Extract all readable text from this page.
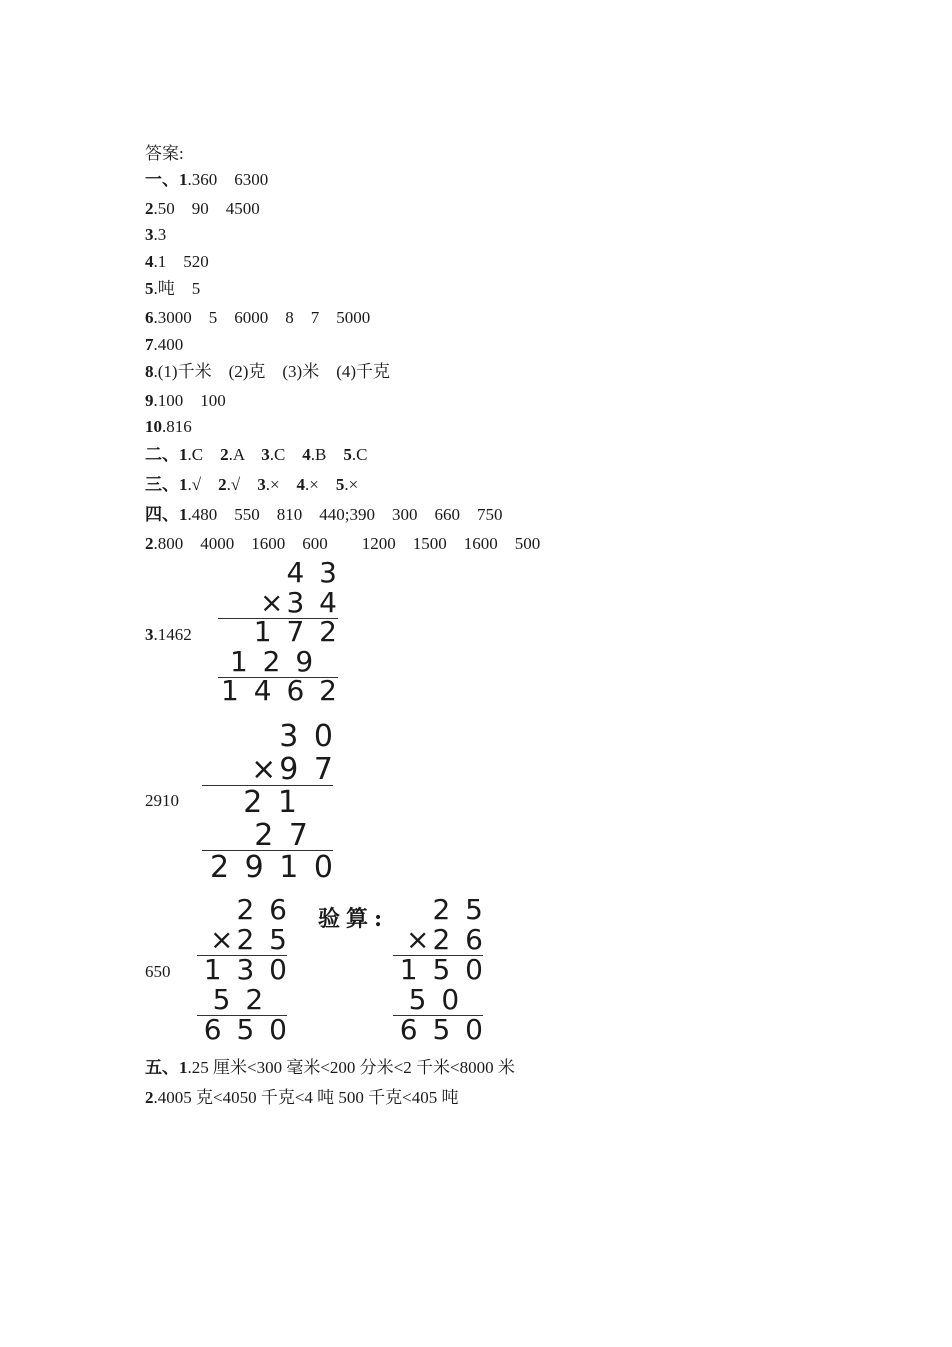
答案:
一、1.360    6300
2.50    90    4500
3.3
4.1    520
5.吨    5
6.3000    5    6000    8    7    5000
7.400
8.(1)千米    (2)克    (3)米    (4)千克
9.100    100
10.816
二、1.C    2.A    3.C    4.B    5.C
三、1.√    2.√    3.×    4.×    5.×
四、1.480    550    810    440;390    300    660    750
2.800    4000    1600    600        1200    1500    1600    500
3.1462
4 3
×3 4
1 7 2
1 2 9
1 4 6 2
2910
3 0
×9 7
2 1
2 7
2 9 1 0
650
2 6
×2 5
1 3 0
5 2
6 5 0
验算: 2 5
×2 6
1 5 0
5 0
6 5 0
五、1.25 厘米<300 毫米<200 分米<2 千米<8000 米
2.4005 克<4050 千克<4 吨 500 千克<405 吨
